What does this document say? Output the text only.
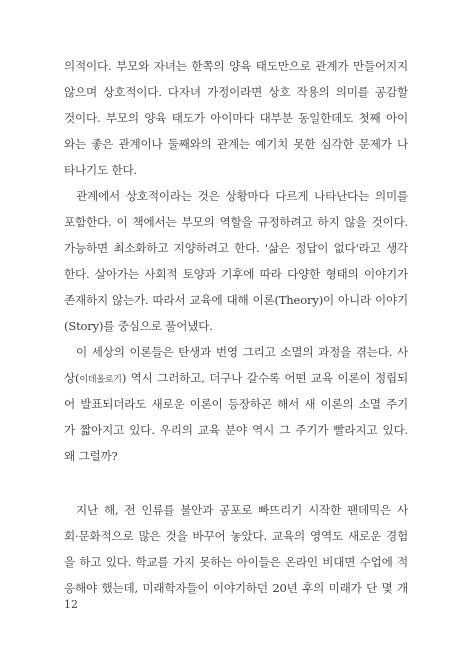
의적이다. 부모와 자녀는 한쪽의 양육 태도만으로 관계가 만들어지지
않으며 상호적이다. 다자녀 가정이라면 상호 작용의 의미를 공감할
것이다. 부모의 양육 태도가 아이마다 대부분 동일한데도 첫째 아이
와는 좋은 관계이나 둘째와의 관계는 예기치 못한 심각한 문제가 나
타나기도 한다.
관계에서 상호적이라는 것은 상황마다 다르게 나타난다는 의미를
포함한다. 이 책에서는 부모의 역할을 규정하려고 하지 않을 것이다.
가능하면 최소화하고 지양하려고 한다. '삶은 정답이 없다'라고 생각
한다. 살아가는 사회적 토양과 기후에 따라 다양한 형태의 이야기가
존재하지 않는가. 따라서 교육에 대해 이론(Theory)이 아니라 이야기
(Story)를 중심으로 풀어냈다.
이 세상의 이론들은 탄생과 번영 그리고 소멸의 과정을 겪는다. 사
상(이데올로기) 역시 그러하고, 더구나 갈수록 어떤 교육 이론이 정립되
어 발표되더라도 새로운 이론이 등장하곤 해서 새 이론의 소멸 주기
가 짧아지고 있다. 우리의 교육 분야 역시 그 주기가 빨라지고 있다.
왜 그럴까?
지난 해, 전 인류를 불안과 공포로 빠뜨리기 시작한 팬데믹은 사
회·문화적으로 많은 것을 바꾸어 놓았다. 교육의 영역도 새로운 경험
을 하고 있다. 학교를 가지 못하는 아이들은 온라인 비대면 수업에 적
응해야 했는데, 미래학자들이 이야기하던 20년 후의 미래가 단 몇 개
12
